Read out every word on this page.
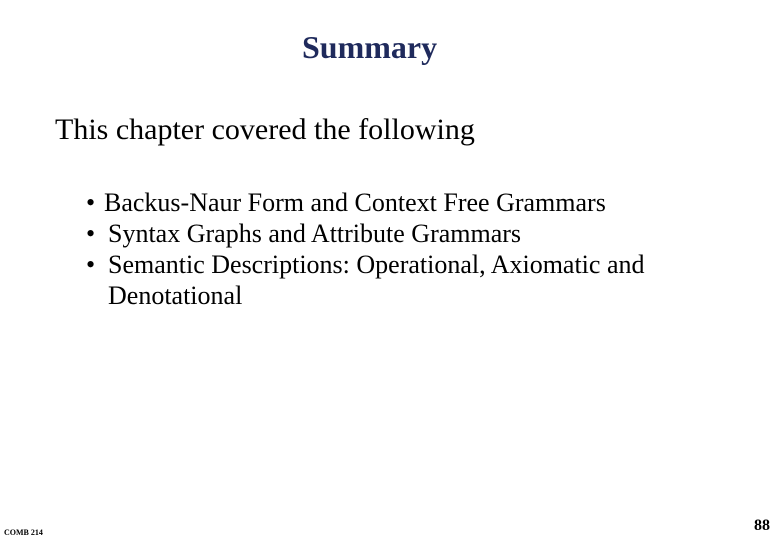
Summary
This chapter covered the following
• Backus-Naur Form and Context Free Grammars
• Syntax Graphs and Attribute Grammars
• Semantic Descriptions: Operational, Axiomatic and Denotational
COMB 214	88
